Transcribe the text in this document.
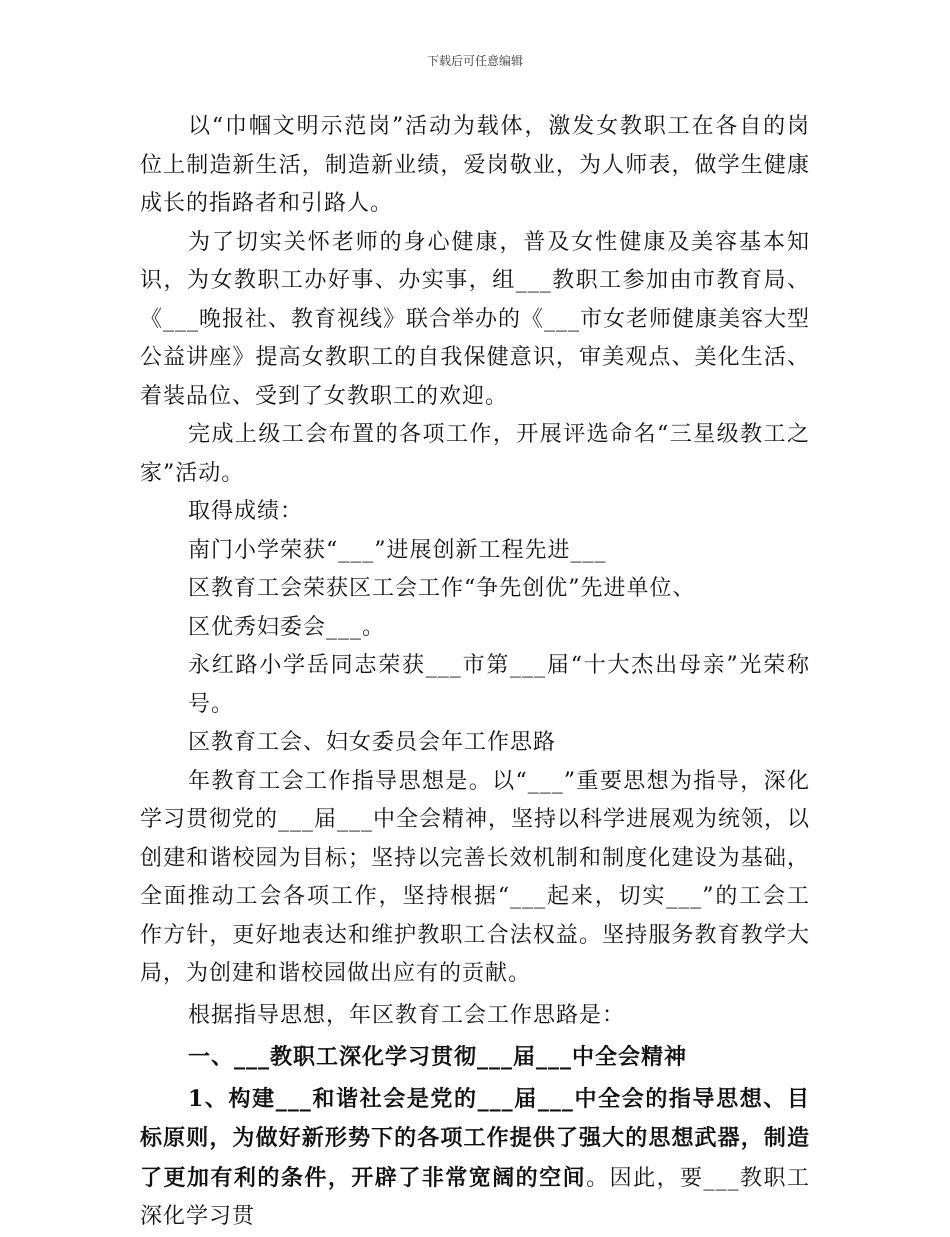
下载后可任意编辑

以“巾帼文明示范岗”活动为载体，激发女教职工在各自的岗位上制造新生活，制造新业绩，爱岗敬业，为人师表，做学生健康成长的指路者和引路人。

为了切实关怀老师的身心健康，普及女性健康及美容基本知识，为女教职工办好事、办实事，组___教职工参加由市教育局、《___晚报社、教育视线》联合举办的《___市女老师健康美容大型公益讲座》提高女教职工的自我保健意识，审美观点、美化生活、着装品位、受到了女教职工的欢迎。

完成上级工会布置的各项工作，开展评选命名“三星级教工之家”活动。

取得成绩：

南门小学荣获“___”进展创新工程先进___

区教育工会荣获区工会工作“争先创优”先进单位、

区优秀妇委会___。

永红路小学岳同志荣获___市第___届“十大杰出母亲”光荣称号。

区教育工会、妇女委员会年工作思路

年教育工会工作指导思想是。以“___”重要思想为指导，深化学习贯彻党的___届___中全会精神，坚持以科学进展观为统领，以创建和谐校园为目标；坚持以完善长效机制和制度化建设为基础，全面推动工会各项工作，坚持根据“___起来，切实___”的工会工作方针，更好地表达和维护教职工合法权益。坚持服务教育教学大局，为创建和谐校园做出应有的贡献。

根据指导思想，年区教育工会工作思路是：

一、___教职工深化学习贯彻___届___中全会精神

1、构建___和谐社会是党的___届___中全会的指导思想、目标原则，为做好新形势下的各项工作提供了强大的思想武器，制造了更加有利的条件，开辟了非常宽阔的空间。因此，要___教职工深化学习贯
